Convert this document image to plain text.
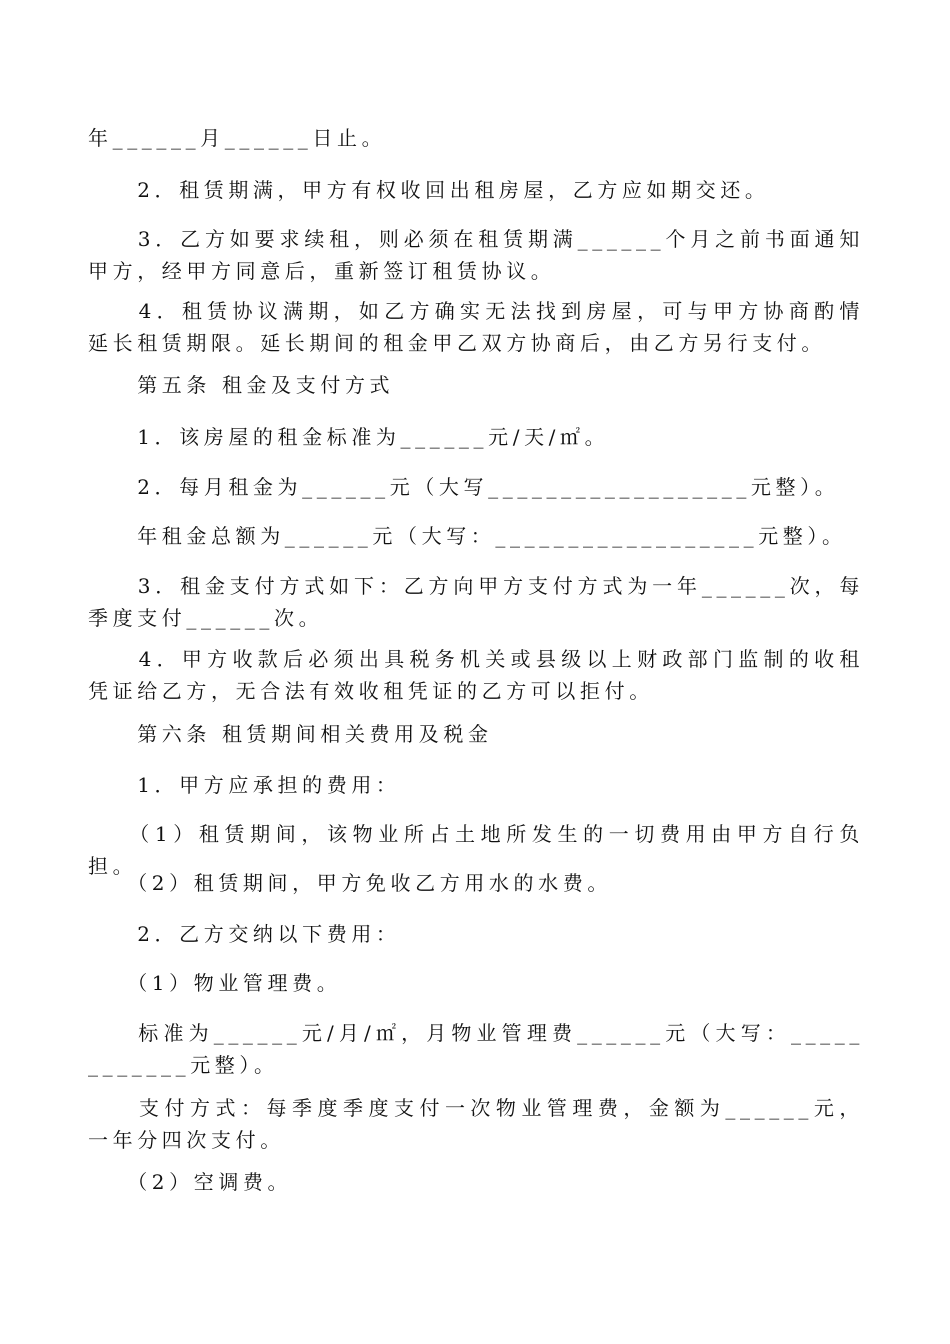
年______月______日止。

　　2．租赁期满，甲方有权收回出租房屋，乙方应如期交还。

　　3．乙方如要求续租，则必须在租赁期满______个月之前书面通知甲方，经甲方同意后，重新签订租赁协议。

　　4．租赁协议满期，如乙方确实无法找到房屋，可与甲方协商酌情延长租赁期限。延长期间的租金甲乙双方协商后，由乙方另行支付。

　　第五条 租金及支付方式

　　1．该房屋的租金标准为______元/天/㎡。

　　2．每月租金为______元（大写__________________元整）。

　　年租金总额为______元（大写：__________________元整）。

　　3．租金支付方式如下：乙方向甲方支付方式为一年______次，每季度支付______次。

　　4．甲方收款后必须出具税务机关或县级以上财政部门监制的收租凭证给乙方，无合法有效收租凭证的乙方可以拒付。

　　第六条 租赁期间相关费用及税金

　　1．甲方应承担的费用：

　　（1）租赁期间，该物业所占土地所发生的一切费用由甲方自行负担。

　　（2）租赁期间，甲方免收乙方用水的水费。

　　2．乙方交纳以下费用：

　　（1）物业管理费。

　　标准为______元/月/㎡，月物业管理费______元（大写：____________元整）。

　　支付方式：每季度季度支付一次物业管理费，金额为______元，一年分四次支付。

　　（2）空调费。
